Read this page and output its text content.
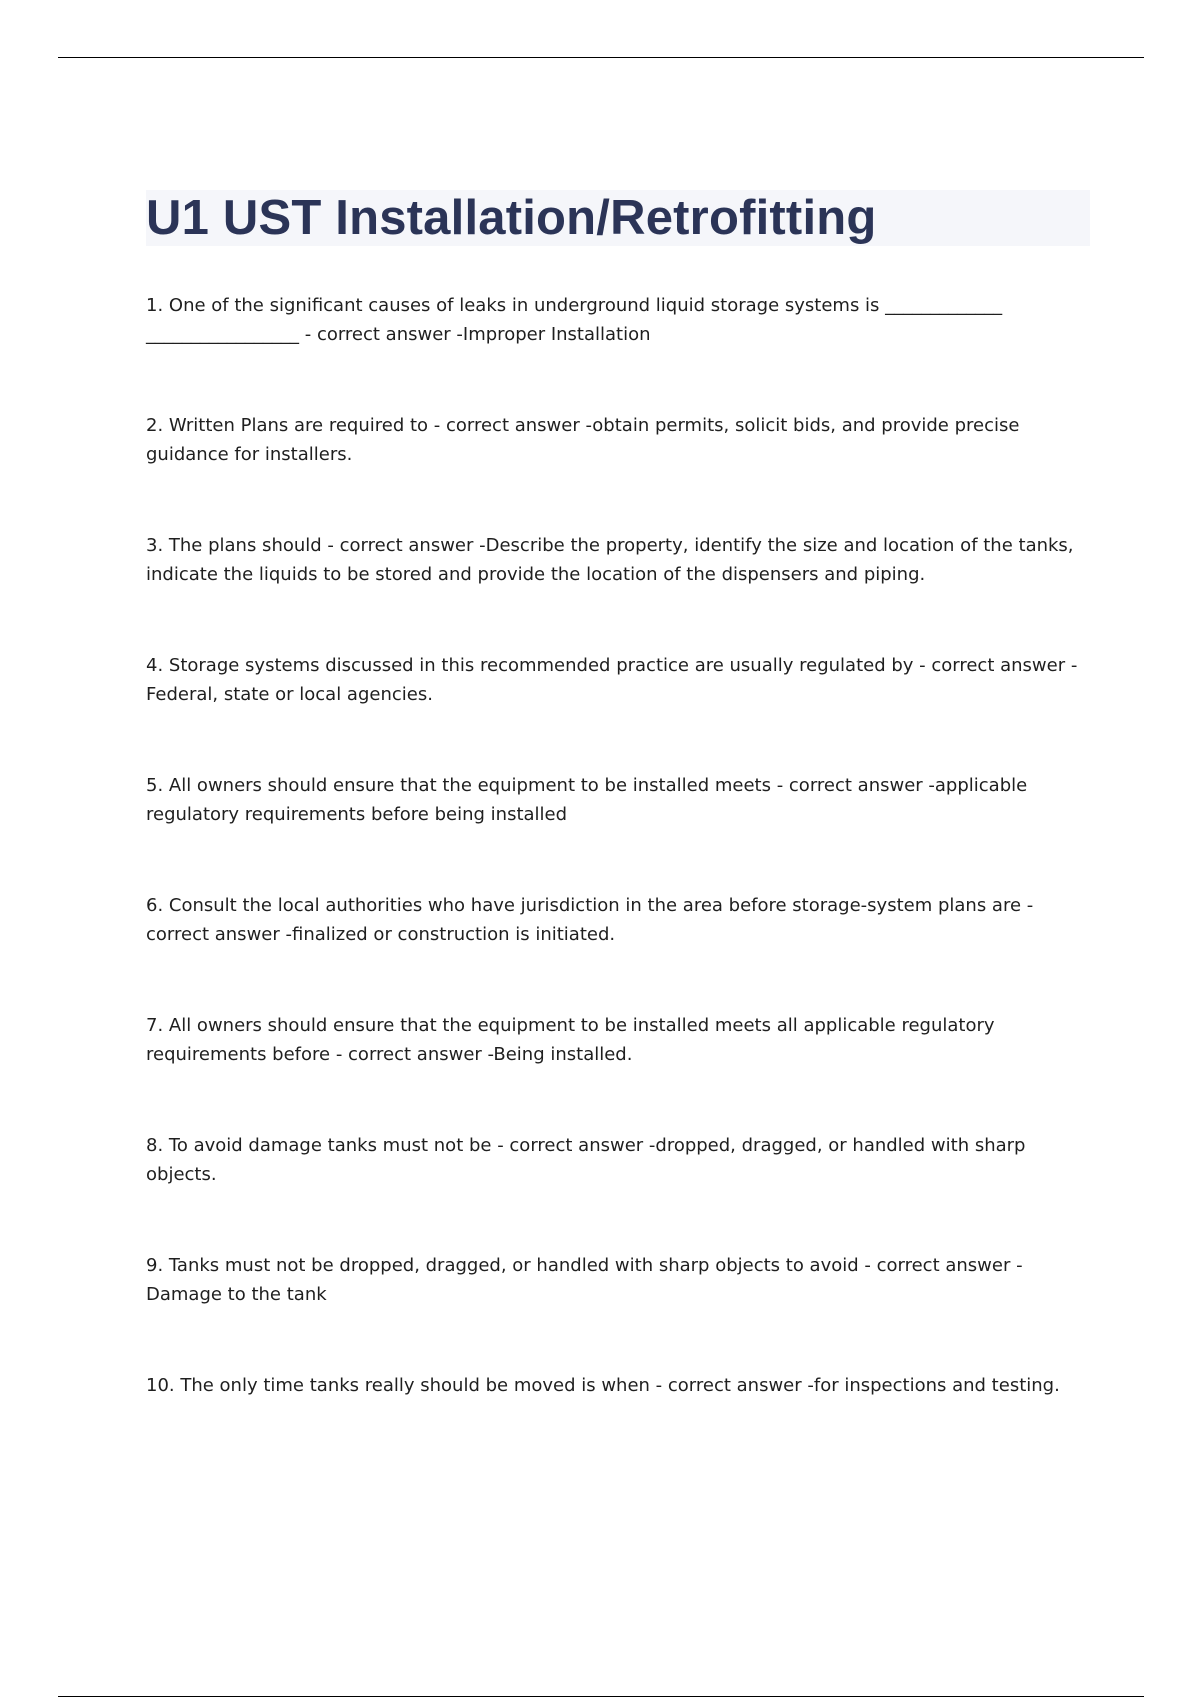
U1 UST Installation/Retrofitting
1. One of the significant causes of leaks in underground liquid storage systems is _____________ _________________ - correct answer -Improper Installation
2. Written Plans are required to - correct answer -obtain permits, solicit bids, and provide precise guidance for installers.
3. The plans should - correct answer -Describe the property, identify the size and location of the tanks, indicate the liquids to be stored and provide the location of the dispensers and piping.
4. Storage systems discussed in this recommended practice are usually regulated by - correct answer -Federal, state or local agencies.
5. All owners should ensure that the equipment to be installed meets - correct answer -applicable regulatory requirements before being installed
6. Consult the local authorities who have jurisdiction in the area before storage-system plans are - correct answer -finalized or construction is initiated.
7. All owners should ensure that the equipment to be installed meets all applicable regulatory requirements before - correct answer -Being installed.
8. To avoid damage tanks must not be - correct answer -dropped, dragged, or handled with sharp objects.
9. Tanks must not be dropped, dragged, or handled with sharp objects to avoid - correct answer -Damage to the tank
10. The only time tanks really should be moved is when - correct answer -for inspections and testing.
